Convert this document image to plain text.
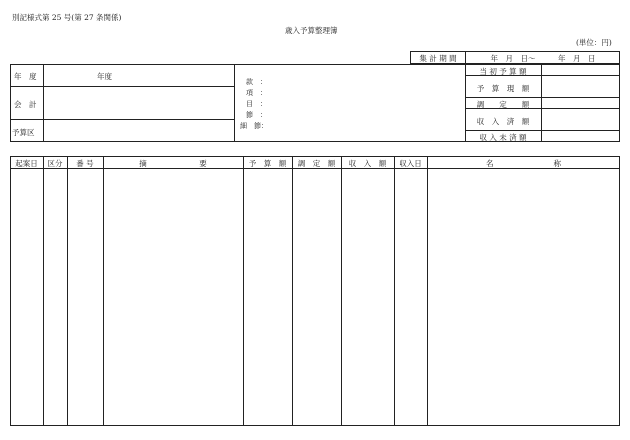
別記様式第 25 号(第 27 条関係)
歳入予算整理簿
(単位：円)
集 計 期 間	年　月　日～　　　年　月　日
年　度	年度
会　計
予算区
款　：
項　：
目　：
節　：
細　節：
当 初 予 算 額
予　算　現　額
調　　定　　額
収　入　済　額
収 入 未 済 額
起案日	区分	番 号	摘　　　　　　　要	予　算　額	調　定　額	収　入　額	収入日	名　　　　　　　　称
